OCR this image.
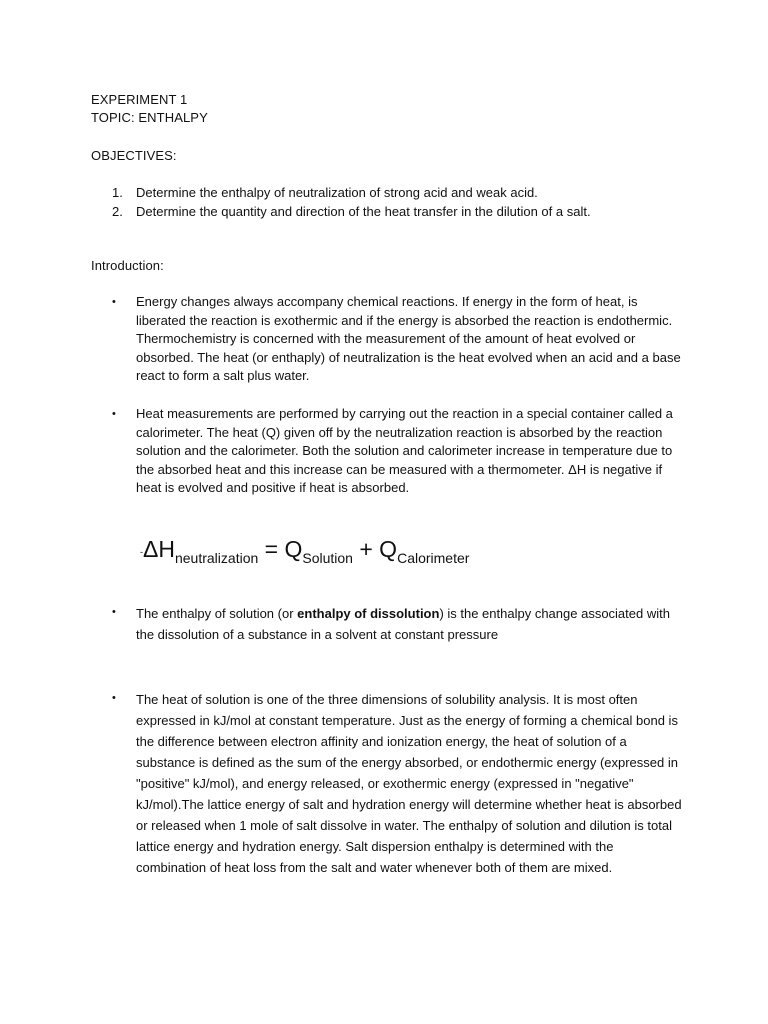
EXPERIMENT 1
TOPIC: ENTHALPY
OBJECTIVES:
1. Determine the enthalpy of neutralization of strong acid and weak acid.
2. Determine the quantity and direction of the heat transfer in the dilution of a salt.
Introduction:
• Energy changes always accompany chemical reactions. If energy in the form of heat, is liberated the reaction is exothermic and if the energy is absorbed the reaction is endothermic. Thermochemistry is concerned with the measurement of the amount of heat evolved or obsorbed. The heat (or enthaply) of neutralization is the heat evolved when an acid and a base react to form a salt plus water.
• Heat measurements are performed by carrying out the reaction in a special container called a calorimeter. The heat (Q) given off by the neutralization reaction is absorbed by the reaction solution and the calorimeter. Both the solution and calorimeter increase in temperature due to the absorbed heat and this increase can be measured with a thermometer. ΔH is negative if heat is evolved and positive if heat is absorbed.
$-\Delta H_{neutralization} = Q_{Solution} + Q_{Calorimeter}$
• The enthalpy of solution (or enthalpy of dissolution) is the enthalpy change associated with the dissolution of a substance in a solvent at constant pressure
• The heat of solution is one of the three dimensions of solubility analysis. It is most often expressed in kJ/mol at constant temperature. Just as the energy of forming a chemical bond is the difference between electron affinity and ionization energy, the heat of solution of a substance is defined as the sum of the energy absorbed, or endothermic energy (expressed in "positive" kJ/mol), and energy released, or exothermic energy (expressed in "negative" kJ/mol).The lattice energy of salt and hydration energy will determine whether heat is absorbed or released when 1 mole of salt dissolve in water. The enthalpy of solution and dilution is total lattice energy and hydration energy. Salt dispersion enthalpy is determined with the combination of heat loss from the salt and water whenever both of them are mixed.
